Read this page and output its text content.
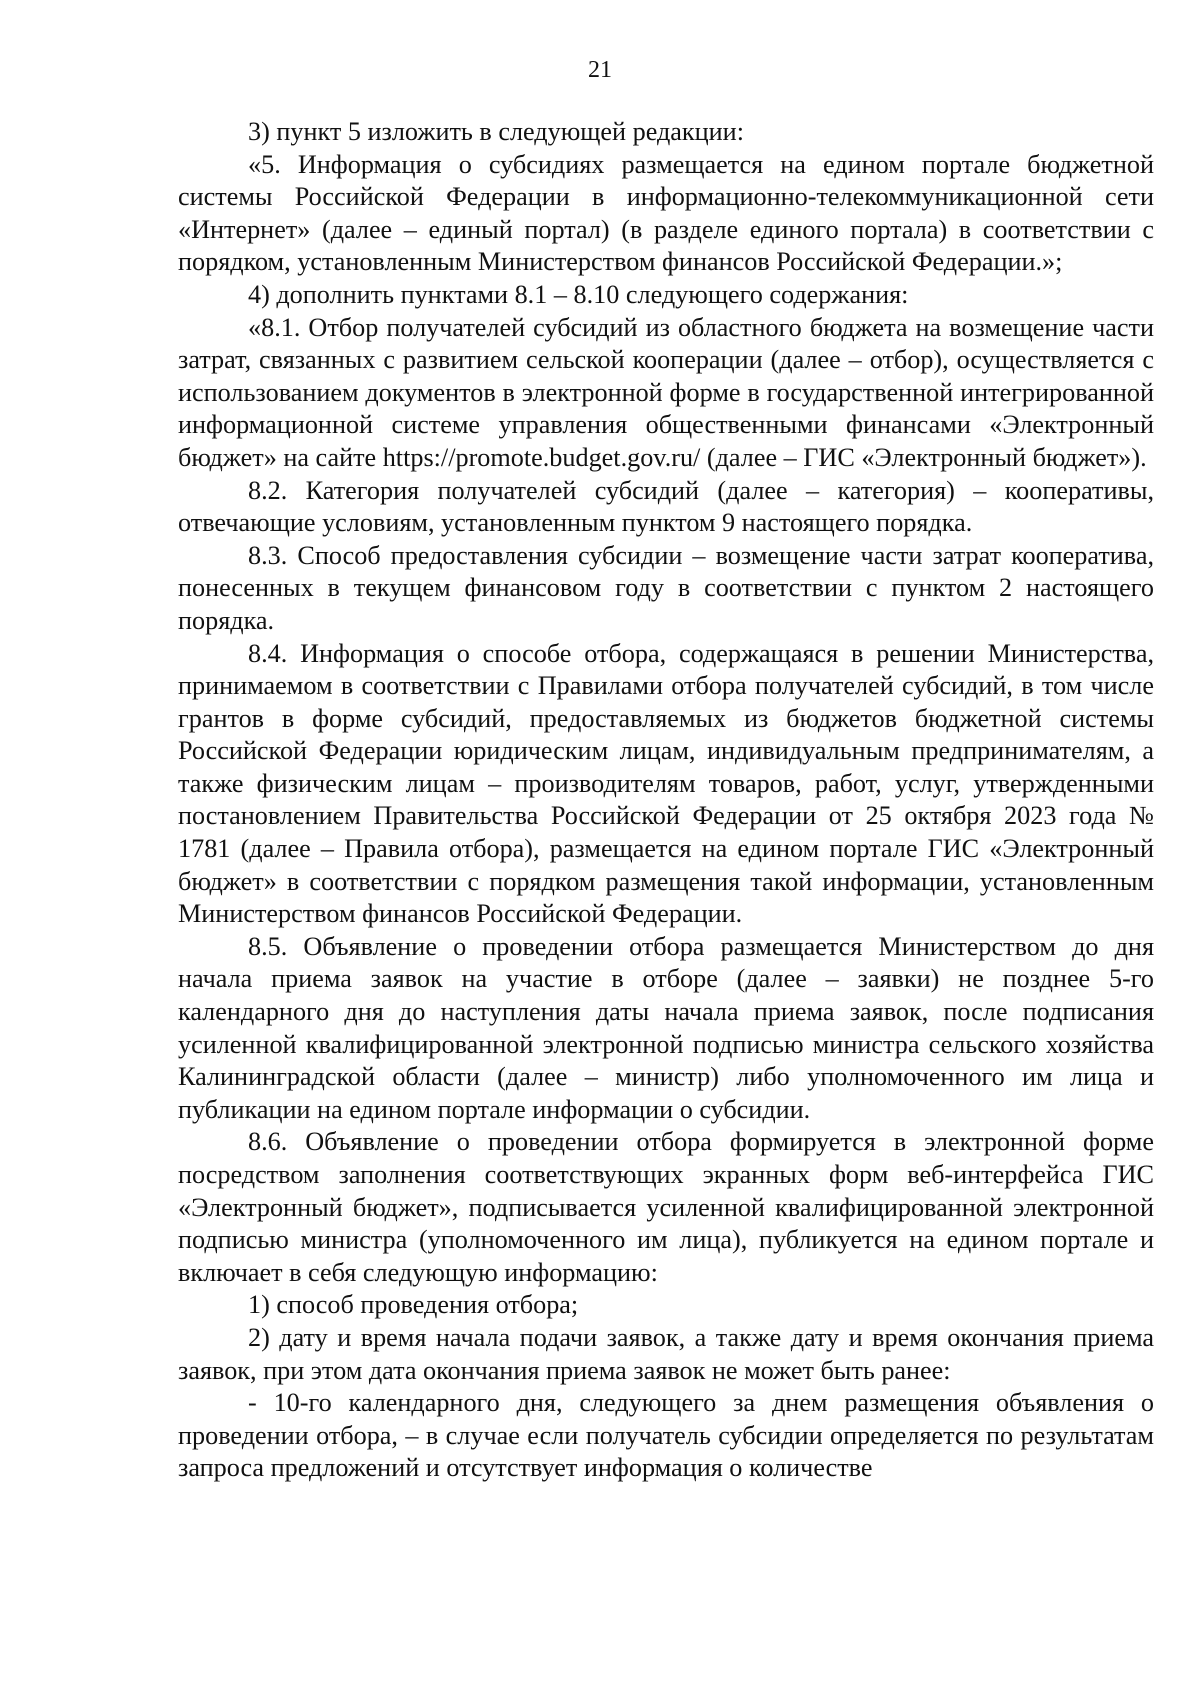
21

3) пункт 5 изложить в следующей редакции:

«5. Информация о субсидиях размещается на едином портале бюджетной системы Российской Федерации в информационно-телекоммуникационной сети «Интернет» (далее – единый портал) (в разделе единого портала) в соответствии с порядком, установленным Министерством финансов Российской Федерации.»;

4) дополнить пунктами 8.1 – 8.10 следующего содержания:

«8.1. Отбор получателей субсидий из областного бюджета на возмещение части затрат, связанных с развитием сельской кооперации (далее – отбор), осуществляется с использованием документов в электронной форме в государственной интегрированной информационной системе управления общественными финансами «Электронный бюджет» на сайте https://promote.budget.gov.ru/ (далее – ГИС «Электронный бюджет»).

8.2. Категория получателей субсидий (далее – категория) – кооперативы, отвечающие условиям, установленным пунктом 9 настоящего порядка.

8.3. Способ предоставления субсидии – возмещение части затрат кооператива, понесенных в текущем финансовом году в соответствии с пунктом 2 настоящего порядка.

8.4. Информация о способе отбора, содержащаяся в решении Министерства, принимаемом в соответствии с Правилами отбора получателей субсидий, в том числе грантов в форме субсидий, предоставляемых из бюджетов бюджетной системы Российской Федерации юридическим лицам, индивидуальным предпринимателям, а также физическим лицам – производителям товаров, работ, услуг, утвержденными постановлением Правительства Российской Федерации от 25 октября 2023 года № 1781 (далее – Правила отбора), размещается на едином портале ГИС «Электронный бюджет» в соответствии с порядком размещения такой информации, установленным Министерством финансов Российской Федерации.

8.5. Объявление о проведении отбора размещается Министерством до дня начала приема заявок на участие в отборе (далее – заявки) не позднее 5-го календарного дня до наступления даты начала приема заявок, после подписания усиленной квалифицированной электронной подписью министра сельского хозяйства Калининградской области (далее – министр) либо уполномоченного им лица и публикации на едином портале информации о субсидии.

8.6. Объявление о проведении отбора формируется в электронной форме посредством заполнения соответствующих экранных форм веб-интерфейса ГИС «Электронный бюджет», подписывается усиленной квалифицированной электронной подписью министра (уполномоченного им лица), публикуется на едином портале и включает в себя следующую информацию:

1) способ проведения отбора;

2) дату и время начала подачи заявок, а также дату и время окончания приема заявок, при этом дата окончания приема заявок не может быть ранее:

- 10-го календарного дня, следующего за днем размещения объявления о проведении отбора, – в случае если получатель субсидии определяется по результатам запроса предложений и отсутствует информация о количестве
